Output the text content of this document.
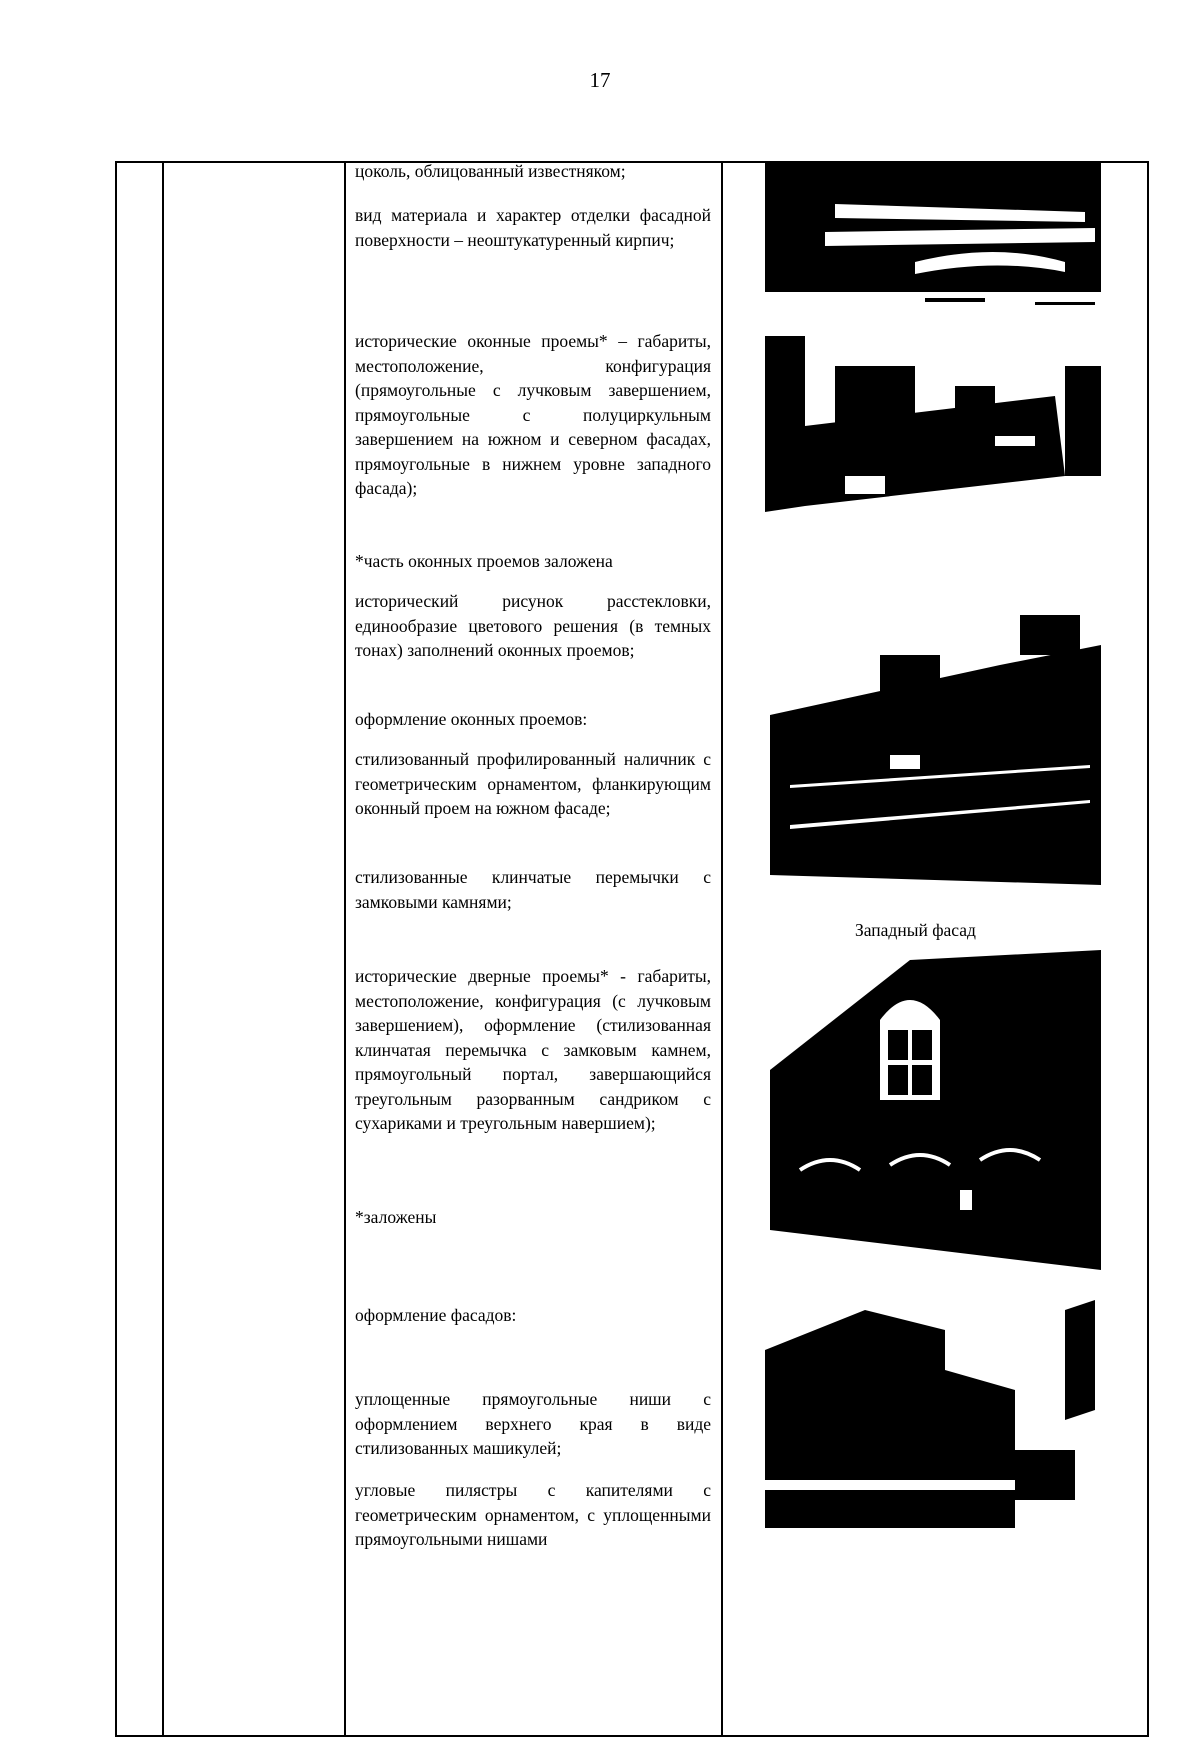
17
цоколь, облицованный известняком;
вид материала и характер отделки фасадной поверхности – неоштукатуренный кирпич;
исторические оконные проемы* – габариты, местоположение, конфигурация (прямоугольные с лучковым завершением, прямоугольные с полуциркульным завершением на южном и северном фасадах, прямоугольные в нижнем уровне западного фасада);
*часть оконных проемов заложена
исторический рисунок расстекловки, единообразие цветового решения (в темных тонах) заполнений оконных проемов;
оформление оконных проемов:
стилизованный профилированный наличник с геометрическим орнаментом, фланкирующим оконный проем на южном фасаде;
стилизованные клинчатые перемычки с замковыми камнями;
исторические дверные проемы* - габариты, местоположение, конфигурация (с лучковым завершением), оформление (стилизованная клинчатая перемычка с замковым камнем, прямоугольный портал, завершающийся треугольным разорванным сандриком с сухариками и треугольным навершием);
*заложены
оформление фасадов:
уплощенные прямоугольные ниши с оформлением верхнего края в виде стилизованных машикулей;
угловые пилястры с капителями с геометрическим орнаментом, с уплощенными прямоугольными нишами
Западный фасад
